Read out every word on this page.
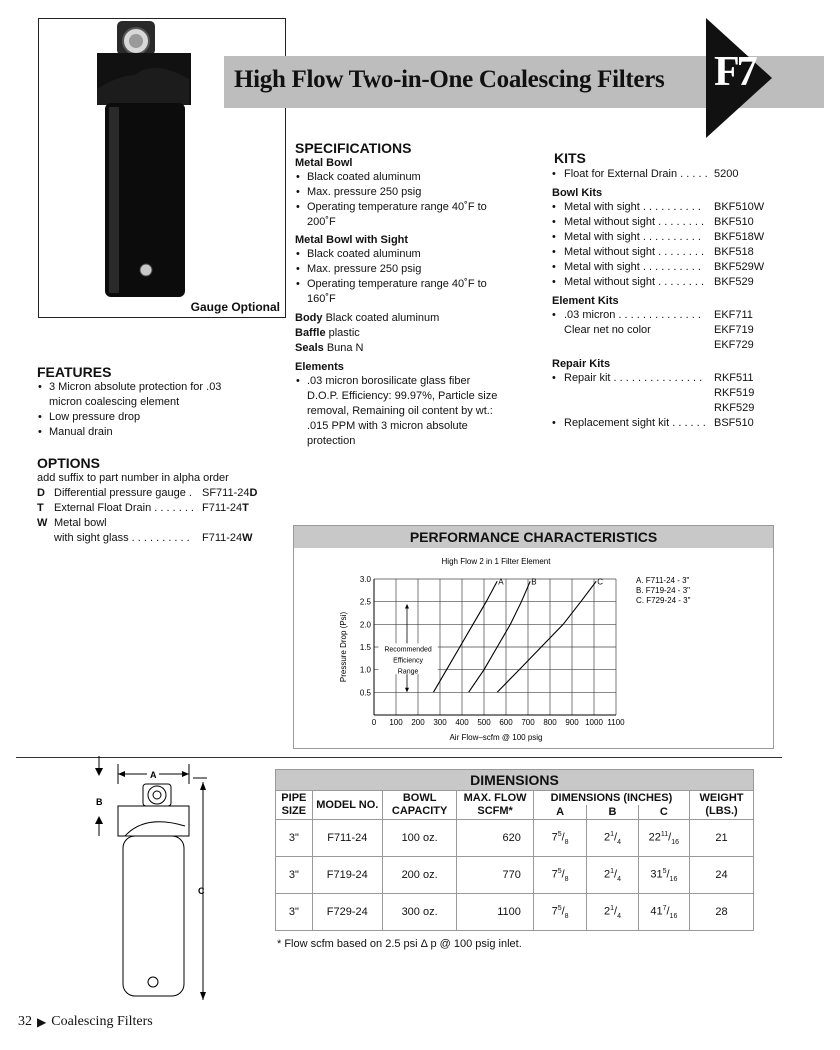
Gauge Optional
High Flow Two-in-One Coalescing Filters F7
SPECIFICATIONS
Metal Bowl
• Black coated aluminum
• Max. pressure 250 psig
• Operating temperature range 40˚F to 200˚F
Metal Bowl with Sight
• Black coated aluminum
• Max. pressure 250 psig
• Operating temperature range 40˚F to 160˚F
Body Black coated aluminum
Baffle plastic
Seals Buna N
Elements
• .03 micron borosilicate glass fiber D.O.P. Efficiency: 99.97%, Particle size removal, Remaining oil content by wt.: .015 PPM with 3 micron absolute protection
KITS
• Float for External Drain . . . . . 5200
Bowl Kits
• Metal with sight . . . . . . . . . .	BKF510W
• Metal without sight . . . . . . . . BKF510
• Metal with sight . . . . . . . . . .	BKF518W
• Metal without sight . . . . . . . . BKF518
• Metal with sight . . . . . . . . . .	BKF529W
• Metal without sight . . . . . . . . BKF529
Element Kits
• .03 micron . . . . . . . . . . . . . .	EKF711
Clear net no color	EKF719
EKF729
Repair Kits
• Repair kit . . . . . . . . . . . . . . .	RKF511
RKF519
RKF529
• Replacement sight kit . . . . . . BSF510
FEATURES
• 3 Micron absolute protection for .03 micron coalescing element
• Low pressure drop
• Manual drain
OPTIONS
add suffix to part number in alpha order
D Differential pressure gauge . SF711-24D
T External Float Drain . . . . . . . F711-24T
W Metal bowl
with sight glass . . . . . . . . . .	F711-24W	PERFORMANCE CHARACTERISTICS
High Flow 2 in 1 Filter Element
0 100 200 300 400 500 600 700 800 900 1000 1100
0.5
1.0
1.5
2.0
2.5
3.0
Air Flow–scfm @ 100 psig
Pressure Drop (Psi)	Recommended
Efficiency
Range
A	B	C	A. F711-24 - 3"
B. F719-24 - 3"
C. F729-24 - 3"
B
A
C
DIMENSIONS							
PIPE
SIZE	MODEL NO.	BOWL
CAPACITY	MAX. FLOW
SCFM*	DIMENSIONS (INCHES)			WEIGHT
(LBS.)
				A	B	C	
3"	F711-24	100 oz.	620	$7^5/_8$	$2^1/_4$	$22^{11}/_{16}$	21
3"	F719-24	200 oz.	770	$7^5/_8$	$2^1/_4$	$31^5/_{16}$	24
3"	F729-24	300 oz.	1100	$7^5/_8$	$2^1/_4$	$41^7/_{16}$	28
* Flow scfm based on 2.5 psi Δ p @ 100 psig inlet.
32 ▶ Coalescing Filters
